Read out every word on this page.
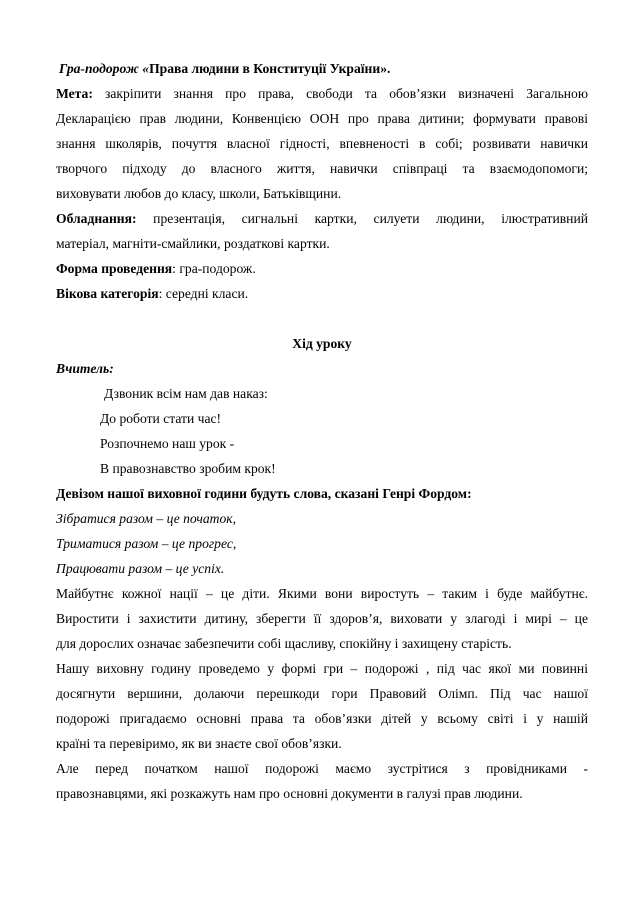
Гра-подорож «Права людини в Конституції України».
Мета: закріпити знання про права, свободи та обов’язки визначені Загальною
Декларацією прав людини, Конвенцією ООН про права дитини; формувати правові
знання школярів, почуття власної гідності, впевненості в собі; розвивати навички
творчого підходу до власного життя, навички співпраці та взаємодопомоги;
виховувати любов до класу, школи, Батьківщини.
Обладнання: презентація, сигнальні картки, силуети людини, ілюстративний
матеріал, магніти-смайлики, роздаткові картки.
Форма проведення: гра-подорож.
Вікова категорія: середні класи.
Хід уроку
Вчитель:
Дзвоник всім нам дав наказ:
До роботи стати час!
Розпочнемо наш урок -
В правознавство зробим крок!
Девізом нашої виховної години будуть слова, сказані Генрі Фордом:
Зібратися разом – це початок,
Триматися разом – це прогрес,
Працювати разом – це успіх.
Майбутнє кожної нації – це діти. Якими вони виростуть – таким і буде майбутнє.
Виростити і захистити дитину, зберегти її здоров’я, виховати у злагоді і мирі – це
для дорослих означає забезпечити собі щасливу, спокійну і захищену старість.
Нашу виховну годину проведемо у формі гри – подорожі , під час якої ми повинні
досягнути вершини, долаючи перешкоди гори Правовий Олімп. Під час нашої
подорожі пригадаємо основні права та обов’язки дітей у всьому світі і у нашій
країні та перевіримо, як ви знаєте свої обов’язки.
Але перед початком нашої подорожі маємо зустрітися з провідниками -
правознавцями, які розкажуть нам про основні документи в галузі прав людини.
